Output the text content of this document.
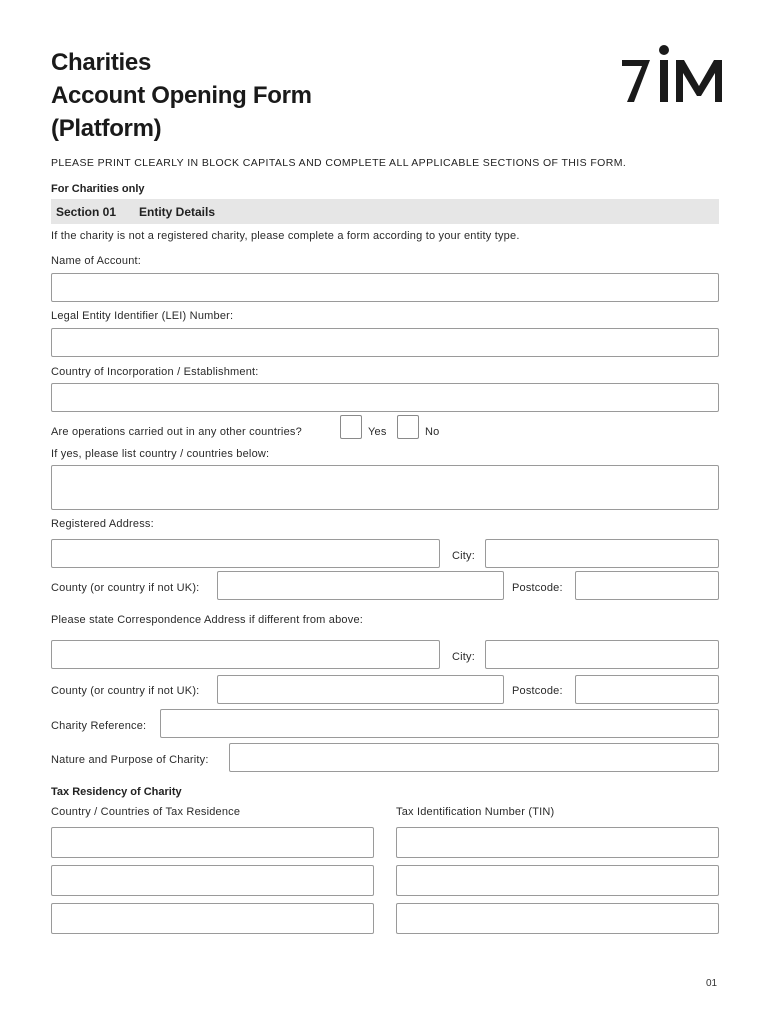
Charities
Account Opening Form
(Platform)
PLEASE PRINT CLEARLY IN BLOCK CAPITALS AND COMPLETE ALL APPLICABLE SECTIONS OF THIS FORM.
For Charities only
Section 01 Entity Details
If the charity is not a registered charity, please complete a form according to your entity type.
Name of Account:
Legal Entity Identifier (LEI) Number:
Country of Incorporation / Establishment:
Are operations carried out in any other countries?	Yes	No
If yes, please list country / countries below:
Registered Address:
City:
County (or country if not UK):	Postcode:
Please state Correspondence Address if different from above:
City:
County (or country if not UK):	Postcode:
Charity Reference:
Nature and Purpose of Charity:
Tax Residency of Charity
Country / Countries of Tax Residence	Tax Identification Number (TIN)
01
